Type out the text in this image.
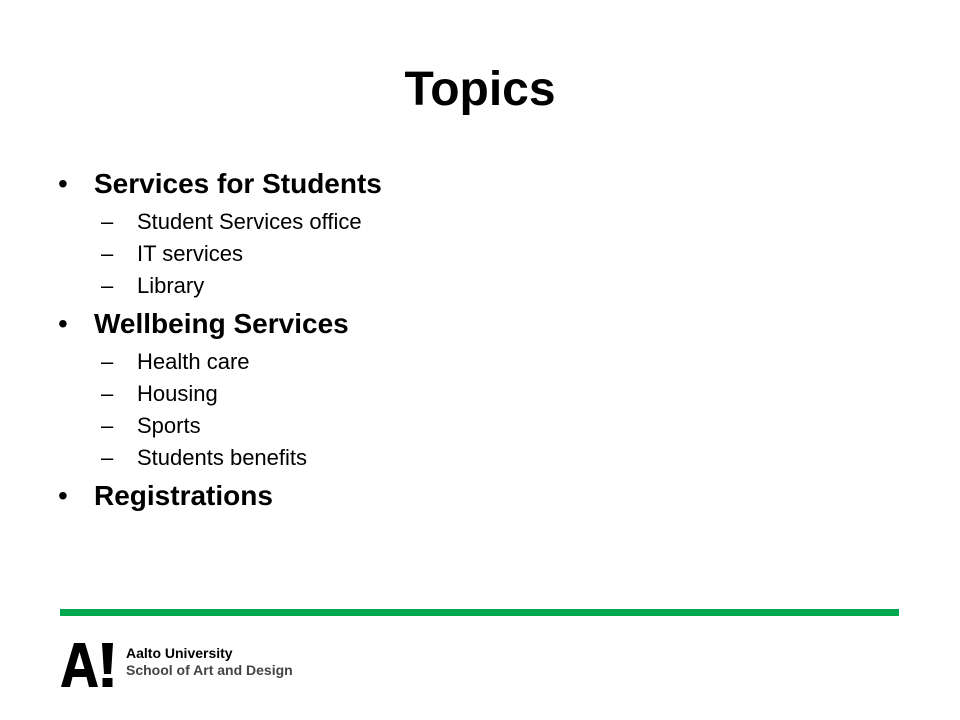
Topics
• Services for Students
– Student Services office
– IT services
– Library
• Wellbeing Services
– Health care
– Housing
– Sports
– Students benefits
• Registrations
Aalto University
School of Art and Design
